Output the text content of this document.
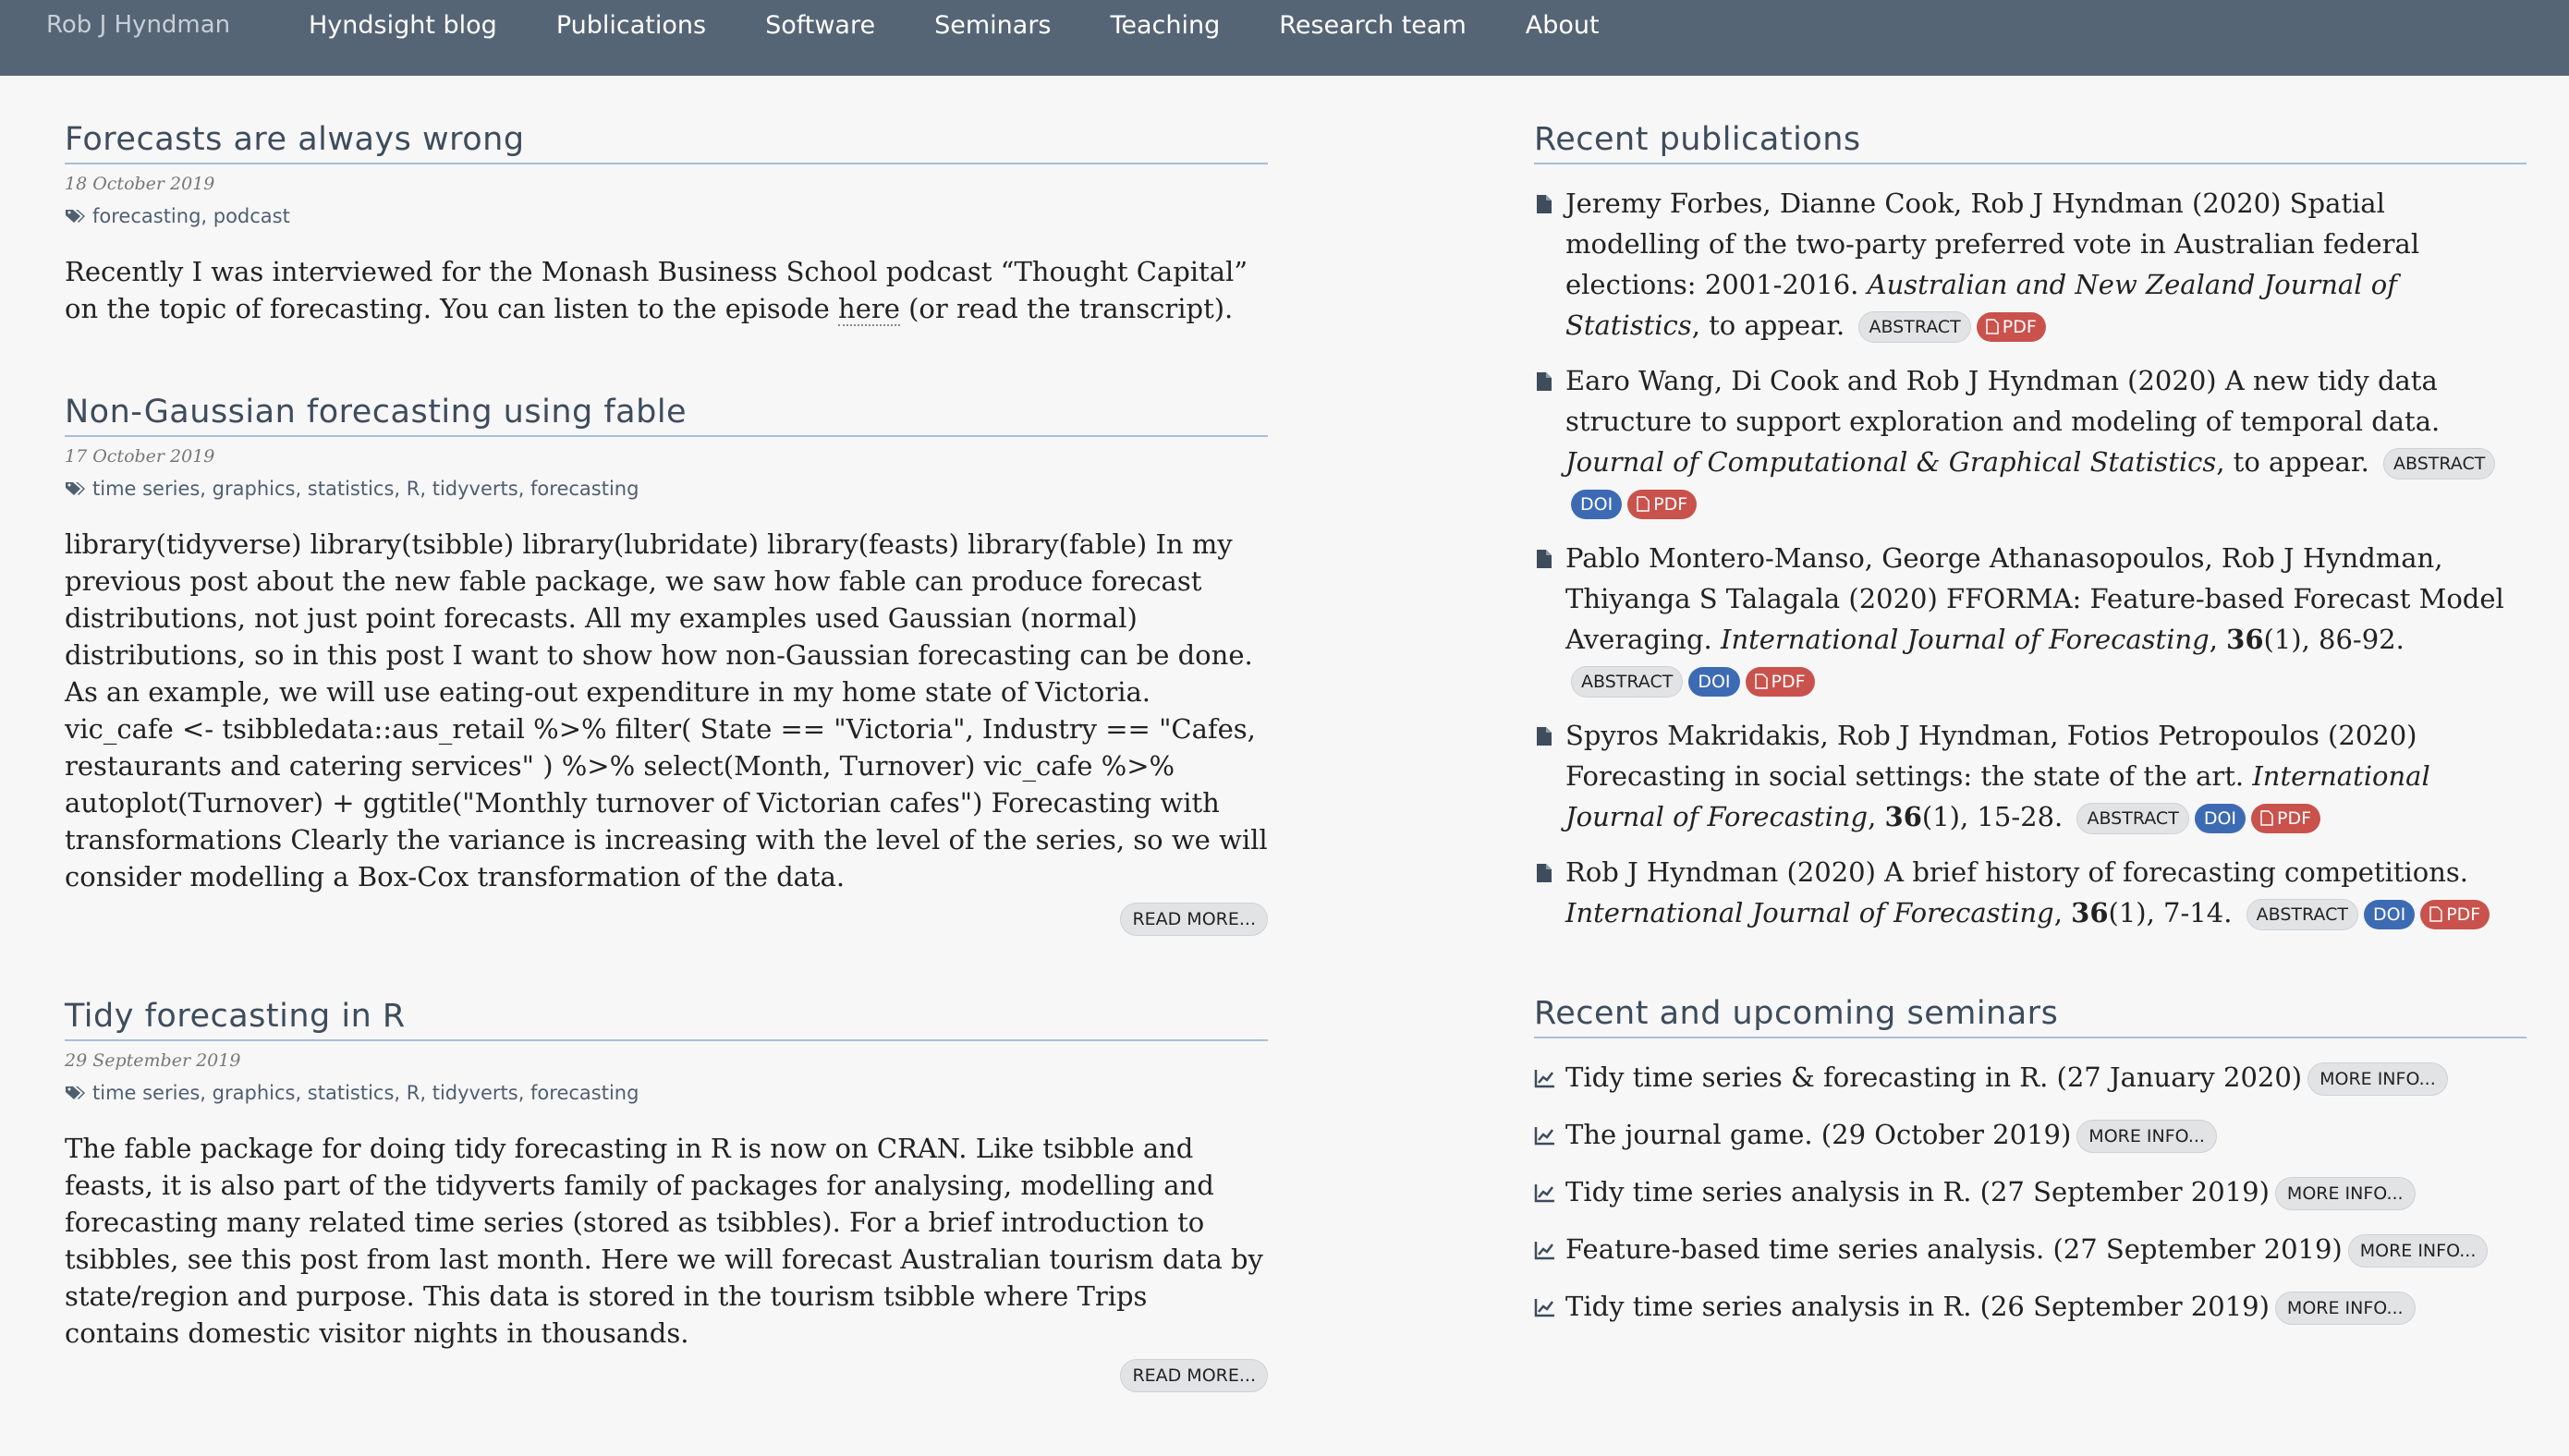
Rob J Hyndman	Hyndsight blog Publications Software Seminars Teaching Research team About
Forecasts are always wrong
18 October 2019
forecasting, podcast
Recently I was interviewed for the Monash Business School podcast “Thought Capital” on the topic of forecasting. You can listen to the episode here (or read the transcript).
Non-Gaussian forecasting using fable
17 October 2019
time series, graphics, statistics, R, tidyverts, forecasting
library(tidyverse) library(tsibble) library(lubridate) library(feasts) library(fable) In my previous post about the new fable package, we saw how fable can produce forecast distributions, not just point forecasts. All my examples used Gaussian (normal) distributions, so in this post I want to show how non-Gaussian forecasting can be done. As an example, we will use eating-out expenditure in my home state of Victoria. vic_cafe <- tsibbledata::aus_retail %>% filter( State == "Victoria", Industry == "Cafes, restaurants and catering services" ) %>% select(Month, Turnover) vic_cafe %>% autoplot(Turnover) + ggtitle("Monthly turnover of Victorian cafes") Forecasting with transformations Clearly the variance is increasing with the level of the series, so we will consider modelling a Box-Cox transformation of the data.
READ MORE...
Tidy forecasting in R
29 September 2019
time series, graphics, statistics, R, tidyverts, forecasting
The fable package for doing tidy forecasting in R is now on CRAN. Like tsibble and feasts, it is also part of the tidyverts family of packages for analysing, modelling and forecasting many related time series (stored as tsibbles). For a brief introduction to tsibbles, see this post from last month. Here we will forecast Australian tourism data by state/region and purpose. This data is stored in the tourism tsibble where Trips contains domestic visitor nights in thousands.
READ MORE...
Recent publications
Jeremy Forbes, Dianne Cook, Rob J Hyndman (2020) Spatial modelling of the two-party preferred vote in Australian federal elections: 2001-2016. Australian and New Zealand Journal of Statistics, to appear. ABSTRACT PDF
Earo Wang, Di Cook and Rob J Hyndman (2020) A new tidy data structure to support exploration and modeling of temporal data. Journal of Computational & Graphical Statistics, to appear. ABSTRACTDOI PDF
Pablo Montero-Manso, George Athanasopoulos, Rob J Hyndman, Thiyanga S Talagala (2020) FFORMA: Feature-based Forecast Model Averaging. International Journal of Forecasting, 36(1), 86-92. ABSTRACT DOI PDF
Spyros Makridakis, Rob J Hyndman, Fotios Petropoulos (2020) Forecasting in social settings: the state of the art. International Journal of Forecasting, 36(1), 15-28. ABSTRACT DOI PDF
Rob J Hyndman (2020) A brief history of forecasting competitions. International Journal of Forecasting, 36(1), 7-14. ABSTRACT DOI PDF
Recent and upcoming seminars
Tidy time series & forecasting in R. (27 January 2020) MORE INFO...
The journal game. (29 October 2019) MORE INFO...
Tidy time series analysis in R. (27 September 2019) MORE INFO...
Feature-based time series analysis. (27 September 2019) MORE INFO...
Tidy time series analysis in R. (26 September 2019) MORE INFO...
